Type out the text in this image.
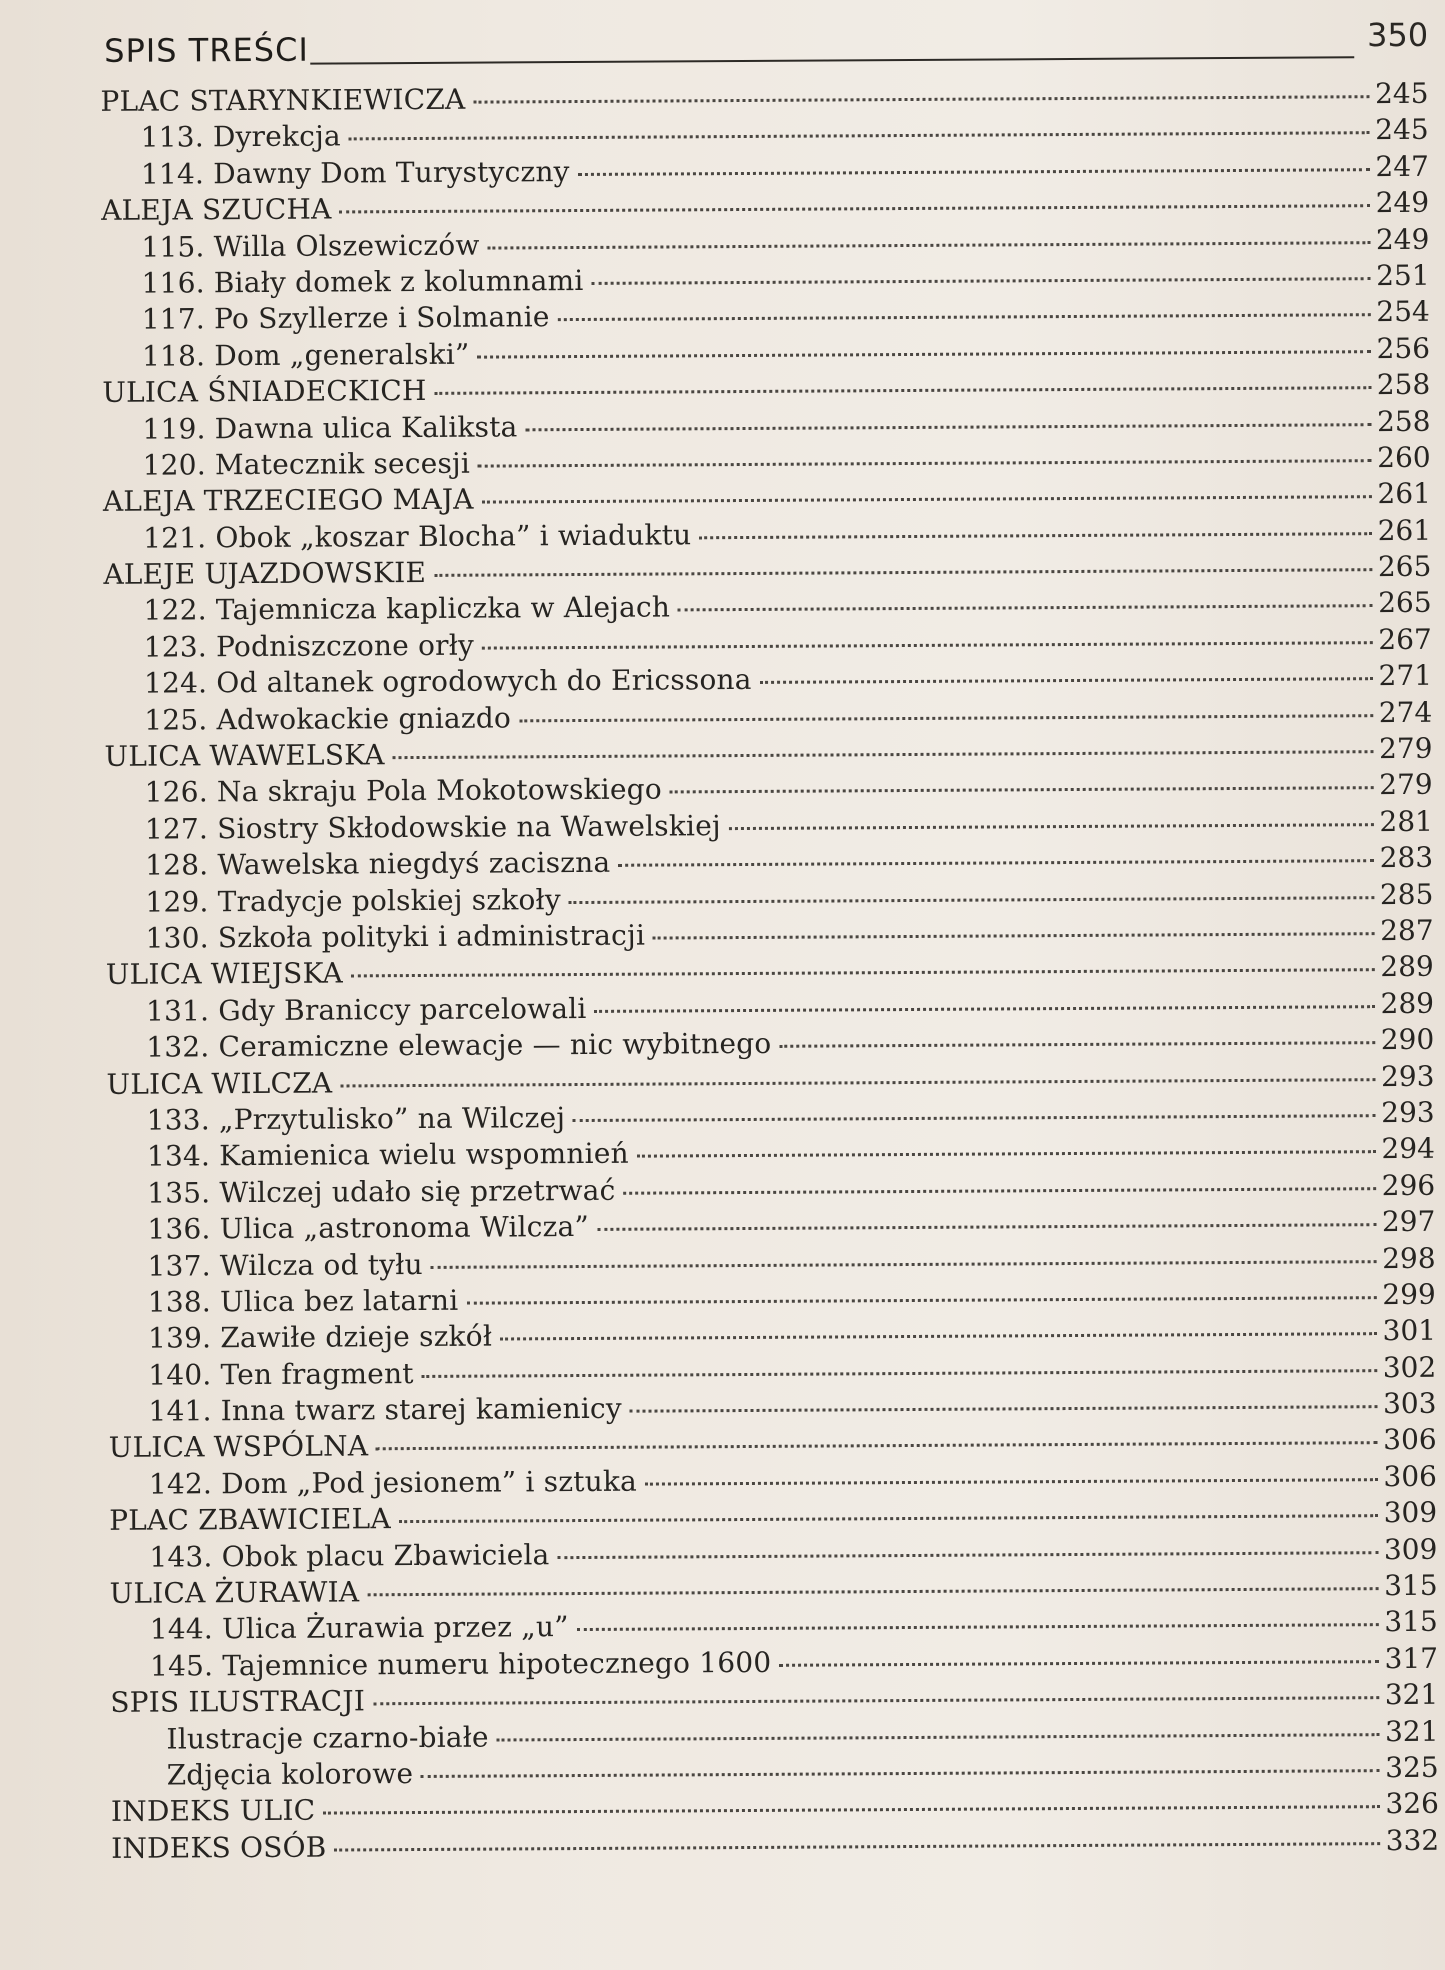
SPIS TREŚCI	350
PLAC STARYNKIEWICZA	245
113. Dyrekcja	245
114. Dawny Dom Turystyczny	247
ALEJA SZUCHA	249
115. Willa Olszewiczów	249
116. Biały domek z kolumnami	251
117. Po Szyllerze i Solmanie	254
118. Dom „generalski”	256
ULICA ŚNIADECKICH	258
119. Dawna ulica Kaliksta	258
120. Matecznik secesji	260
ALEJA TRZECIEGO MAJA	261
121. Obok „koszar Blocha” i wiaduktu	261
ALEJE UJAZDOWSKIE	265
122. Tajemnicza kapliczka w Alejach	265
123. Podniszczone orły	267
124. Od altanek ogrodowych do Ericssona	271
125. Adwokackie gniazdo	274
ULICA WAWELSKA	279
126. Na skraju Pola Mokotowskiego	279
127. Siostry Skłodowskie na Wawelskiej	281
128. Wawelska niegdyś zaciszna	283
129. Tradycje polskiej szkoły	285
130. Szkoła polityki i administracji	287
ULICA WIEJSKA	289
131. Gdy Braniccy parcelowali	289
132. Ceramiczne elewacje — nic wybitnego	290
ULICA WILCZA	293
133. „Przytulisko” na Wilczej	293
134. Kamienica wielu wspomnień	294
135. Wilczej udało się przetrwać	296
136. Ulica „astronoma Wilcza”	297
137. Wilcza od tyłu	298
138. Ulica bez latarni	299
139. Zawiłe dzieje szkół	301
140. Ten fragment	302
141. Inna twarz starej kamienicy	303
ULICA WSPÓLNA	306
142. Dom „Pod jesionem” i sztuka	306
PLAC ZBAWICIELA	309
143. Obok placu Zbawiciela	309
ULICA ŻURAWIA	315
144. Ulica Żurawia przez „u”	315
145. Tajemnice numeru hipotecznego 1600	317
SPIS ILUSTRACJI	321
Ilustracje czarno-białe	321
Zdjęcia kolorowe	325
INDEKS ULIC	326
INDEKS OSÓB	332
